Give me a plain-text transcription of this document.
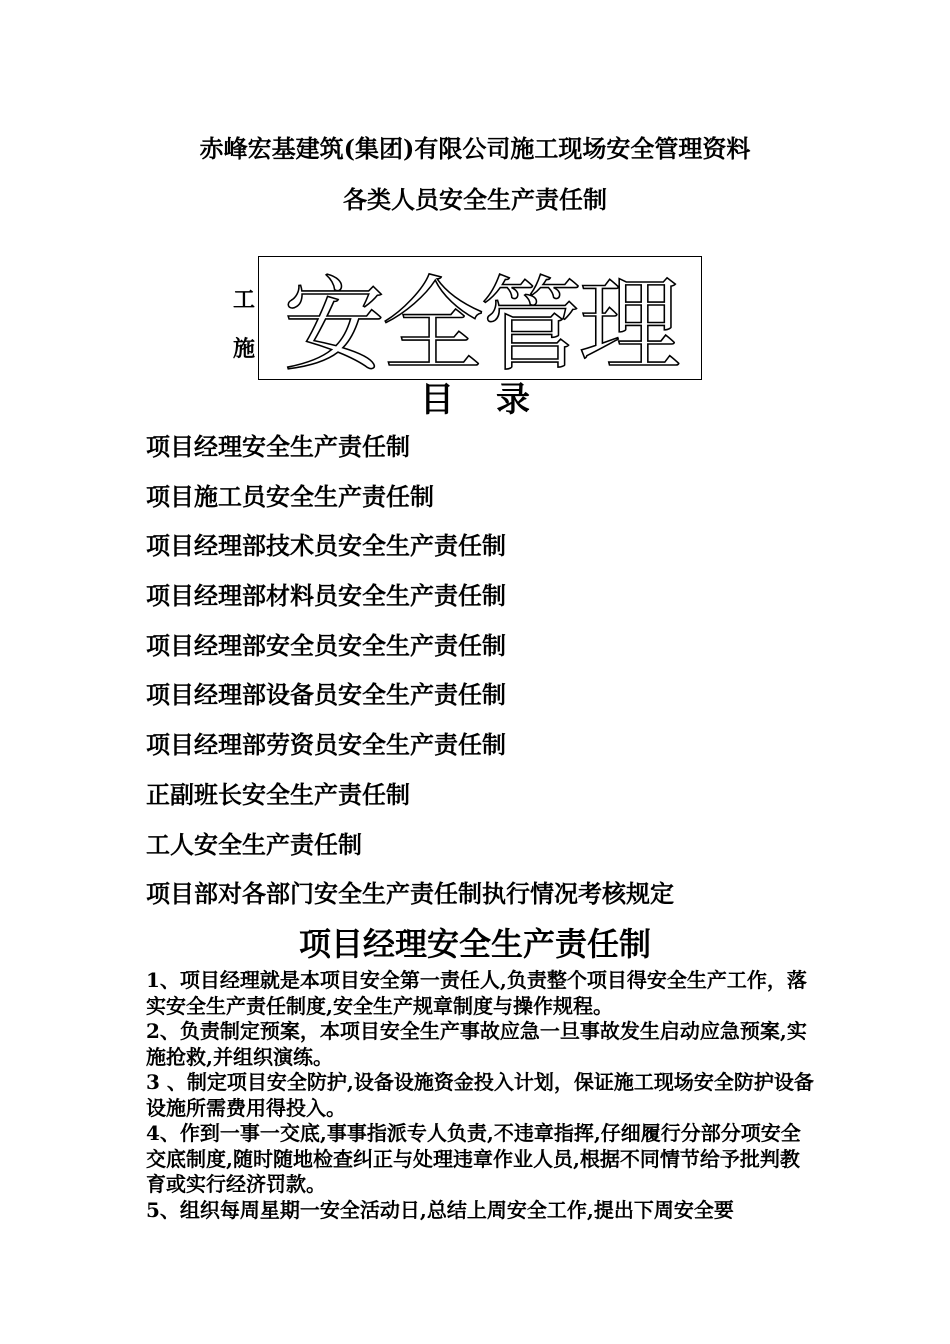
赤峰宏基建筑(集团)有限公司施工现场安全管理资料
各类人员安全生产责任制
工
施 安全管理
目 录
项目经理安全生产责任制
项目施工员安全生产责任制
项目经理部技术员安全生产责任制
项目经理部材料员安全生产责任制
项目经理部安全员安全生产责任制
项目经理部设备员安全生产责任制
项目经理部劳资员安全生产责任制
正副班长安全生产责任制
工人安全生产责任制
项目部对各部门安全生产责任制执行情况考核规定
项目经理安全生产责任制

1、项目经理就是本项目安全第一责任人,负责整个项目得安全生产工作，落实安全生产责任制度,安全生产规章制度与操作规程。

2、负责制定预案，本项目安全生产事故应急一旦事故发生启动应急预案,实施抢救,并组织演练。

3 、制定项目安全防护,设备设施资金投入计划，保证施工现场安全防护设备设施所需费用得投入。

4、作到一事一交底,事事指派专人负责,不违章指挥,仔细履行分部分项安全交底制度,随时随地检查纠正与处理违章作业人员,根据不同情节给予批判教育或实行经济罚款。

5、组织每周星期一安全活动日,总结上周安全工作,提出下周安全要
